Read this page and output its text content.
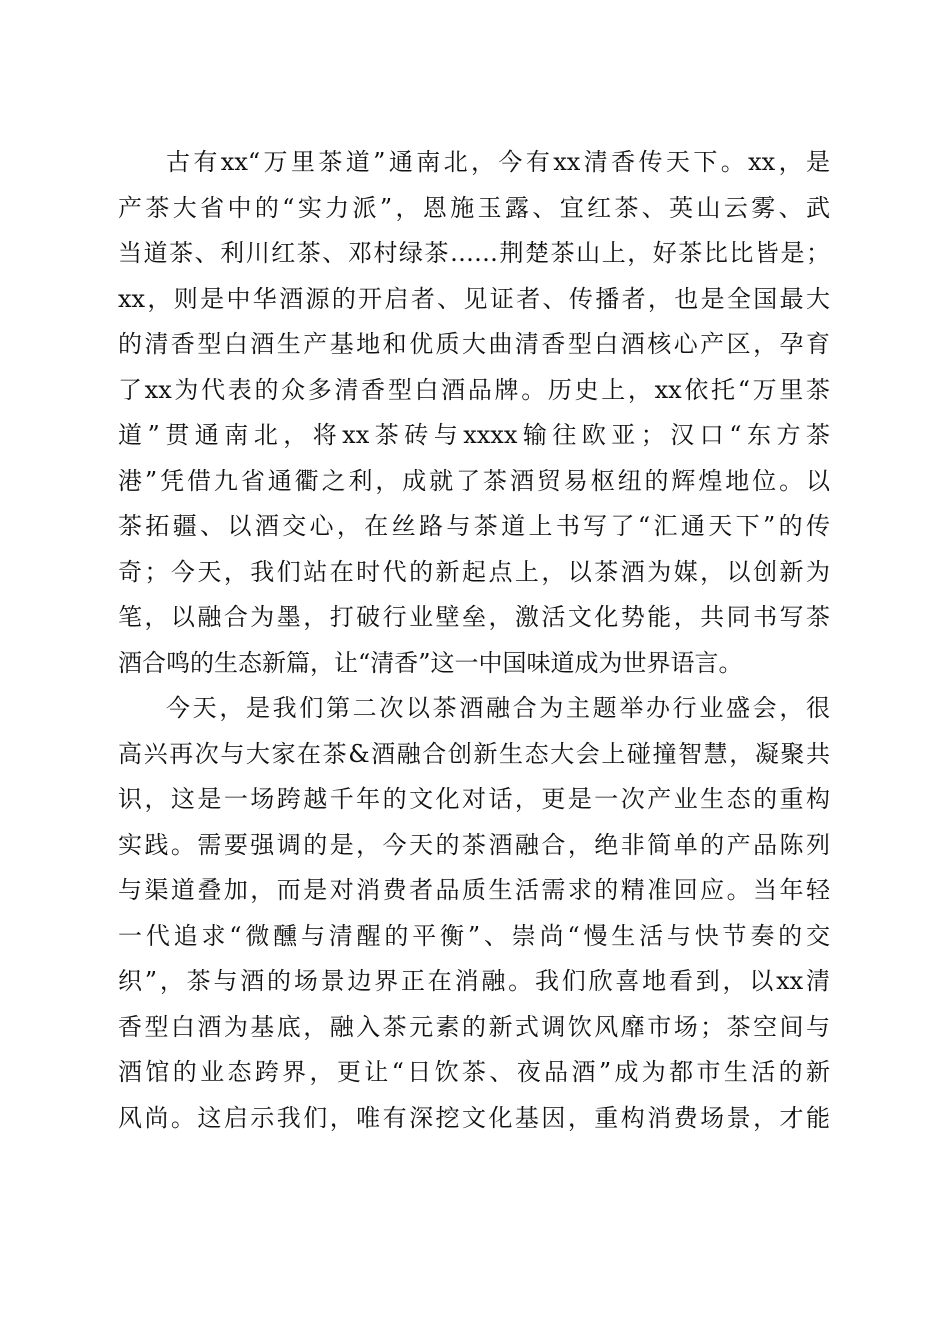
古有xx“万里茶道”通南北，今有xx清香传天下。xx，是
产茶大省中的“实力派”，恩施玉露、宜红茶、英山云雾、武
当道茶、利川红茶、邓村绿茶……荆楚茶山上，好茶比比皆是；
xx，则是中华酒源的开启者、见证者、传播者，也是全国最大
的清香型白酒生产基地和优质大曲清香型白酒核心产区，孕育
了xx为代表的众多清香型白酒品牌。历史上，xx依托“万里茶
道”贯通南北，将xx茶砖与xxxx输往欧亚；汉口“东方茶
港”凭借九省通衢之利，成就了茶酒贸易枢纽的辉煌地位。以
茶拓疆、以酒交心，在丝路与茶道上书写了“汇通天下”的传
奇；今天，我们站在时代的新起点上，以茶酒为媒，以创新为
笔，以融合为墨，打破行业壁垒，激活文化势能，共同书写茶
酒合鸣的生态新篇，让“清香”这一中国味道成为世界语言。
今天，是我们第二次以茶酒融合为主题举办行业盛会，很
高兴再次与大家在茶&酒融合创新生态大会上碰撞智慧，凝聚共
识，这是一场跨越千年的文化对话，更是一次产业生态的重构
实践。需要强调的是，今天的茶酒融合，绝非简单的产品陈列
与渠道叠加，而是对消费者品质生活需求的精准回应。当年轻
一代追求“微醺与清醒的平衡”、崇尚“慢生活与快节奏的交
织”，茶与酒的场景边界正在消融。我们欣喜地看到，以xx清
香型白酒为基底，融入茶元素的新式调饮风靡市场；茶空间与
酒馆的业态跨界，更让“日饮茶、夜品酒”成为都市生活的新
风尚。这启示我们，唯有深挖文化基因，重构消费场景，才能
